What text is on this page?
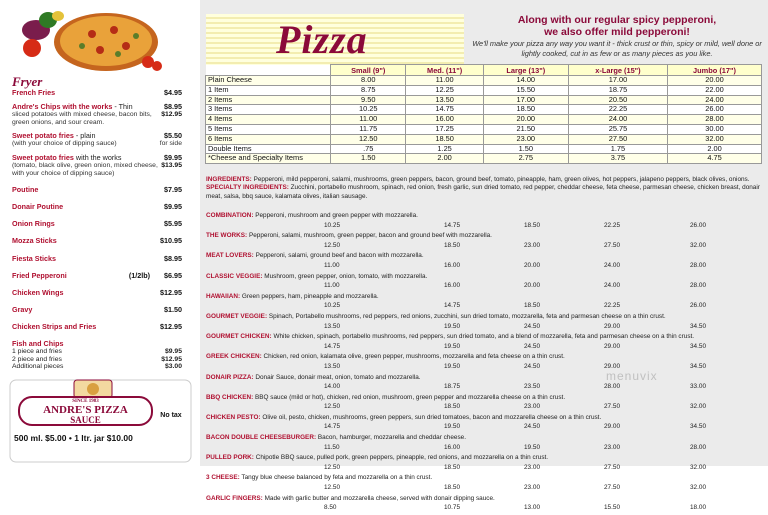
Fryer
French Fries	$4.95
Andre's Chips with the works - Thin	$8.95
sliced potatoes with mixed cheese, bacon bits, $12.95
green onions, and sour cream.
Sweet potato fries - plain	$5.50
(with your choice of dipping sauce)	for side
Sweet potato fries with the works	$9.95
(tomato, black olive, green onion, mixed cheese, $13.95
with your choice of dipping sauce)
Poutine	$7.95
Donair Poutine	$9.95
Onion Rings	$5.95
Mozza Sticks	$10.95
Fiesta Sticks	$8.95
Fried Pepperoni	(1/2lb) $6.95
Chicken Wings	$12.95
Gravy	$1.50
Chicken Strips and Fries	$12.95
Fish and Chips
1 piece and fries	$9.95
2 piece and fries	$12.95
Additional pieces	$3.00
SINCE 1983
ANDRE'S PIZZA
SAUCE	No tax
500 ml. $5.00 • 1 ltr. jar $10.00
Pizza	Along with our regular spicy pepperoni,
we also offer mild pepperoni!
We'll make your pizza any way you want it - thick crust or thin, spicy or mild, well done or lightly cooked, cut in as few or as many pieces as you like.
	Small (9")	Med. (11")	Large (13")	x-Large (15")	Jumbo (17")
Plain Cheese	8.00	11.00	14.00	17.00	20.00
1 Item	8.75	12.25	15.50	18.75	22.00
2 Items	9.50	13.50	17.00	20.50	24.00
3 Items	10.25	14.75	18.50	22.25	26.00
4 Items	11.00	16.00	20.00	24.00	28.00
5 Items	11.75	17.25	21.50	25.75	30.00
6 Items	12.50	18.50	23.00	27.50	32.00
Double Items	.75	1.25	1.50	1.75	2.00
*Cheese and Specialty Items	1.50	2.00	2.75	3.75	4.75
INGREDIENTS: Pepperoni, mild pepperoni, salami, mushrooms, green peppers, bacon, ground beef, tomato, pineapple, ham, green olives, hot peppers, jalapeno peppers, black olives, onions.
SPECIALTY INGREDIENTS: Zucchini, portabello mushroom, spinach, red onion, fresh garlic, sun dried tomato, red pepper, cheddar cheese, feta cheese, parmesan cheese, chicken breast, donair meat, salsa, bbq sauce, kalamata olives, italian sausage.
COMBINATION: Pepperoni, mushroom and green pepper with mozzarella.
10.25	14.75	18.50	22.25	26.00
THE WORKS: Pepperoni, salami, mushroom, green pepper, bacon and ground beef with mozzarella.
12.50	18.50	23.00	27.50	32.00
MEAT LOVERS: Pepperoni, salami, ground beef and bacon with mozzarella.
11.00	16.00	20.00	24.00	28.00
CLASSIC VEGGIE: Mushroom, green pepper, onion, tomato, with mozzarella.
11.00	16.00	20.00	24.00	28.00
HAWAIIAN: Green peppers, ham, pineapple and mozzarella.
10.25	14.75	18.50	22.25	26.00
GOURMET VEGGIE: Spinach, Portabello mushrooms, red peppers, red onions, zucchini, sun dried tomato, mozzarella, feta and parmesan cheese on a thin crust.
13.50	19.50	24.50	29.00	34.50
GOURMET CHICKEN: White chicken, spinach, portabello mushrooms, red peppers, sun dried tomato, and a blend of mozzarella, feta and parmesan cheese on a thin crust.
14.75	19.50	24.50	29.00	34.50
GREEK CHICKEN: Chicken, red onion, kalamata olive, green pepper, mushrooms, mozzarella and feta cheese on a thin crust.
13.50	19.50	24.50	29.00	34.50
DONAIR PIZZA: Donair Sauce, donair meat, onion, tomato and mozzarella.
14.00	18.75	23.50	28.00	33.00
BBQ CHICKEN: BBQ sauce (mild or hot), chicken, red onion, mushroom, green pepper and mozzarella cheese on a thin crust.
12.50	18.50	23.00	27.50	32.00
CHICKEN PESTO: Olive oil, pesto, chicken, mushrooms, green peppers, sun dried tomatoes, bacon and mozzarella cheese on a thin crust.
14.75	19.50	24.50	29.00	34.50
BACON DOUBLE CHEESEBURGER: Bacon, hamburger, mozzarella and cheddar cheese.
11.50	16.00	19.50	23.00	28.00
PULLED PORK: Chipotle BBQ sauce, pulled pork, green peppers, pineapple, red onions, and mozzarella on a thin crust.
12.50	18.50	23.00	27.50	32.00
3 CHEESE: Tangy blue cheese balanced by feta and mozzarella on a thin crust.
12.50	18.50	23.00	27.50	32.00
GARLIC FINGERS: Made with garlic butter and mozzarella cheese, served with donair dipping sauce.
8.50	10.75	13.00	15.50	18.00
menuvix
